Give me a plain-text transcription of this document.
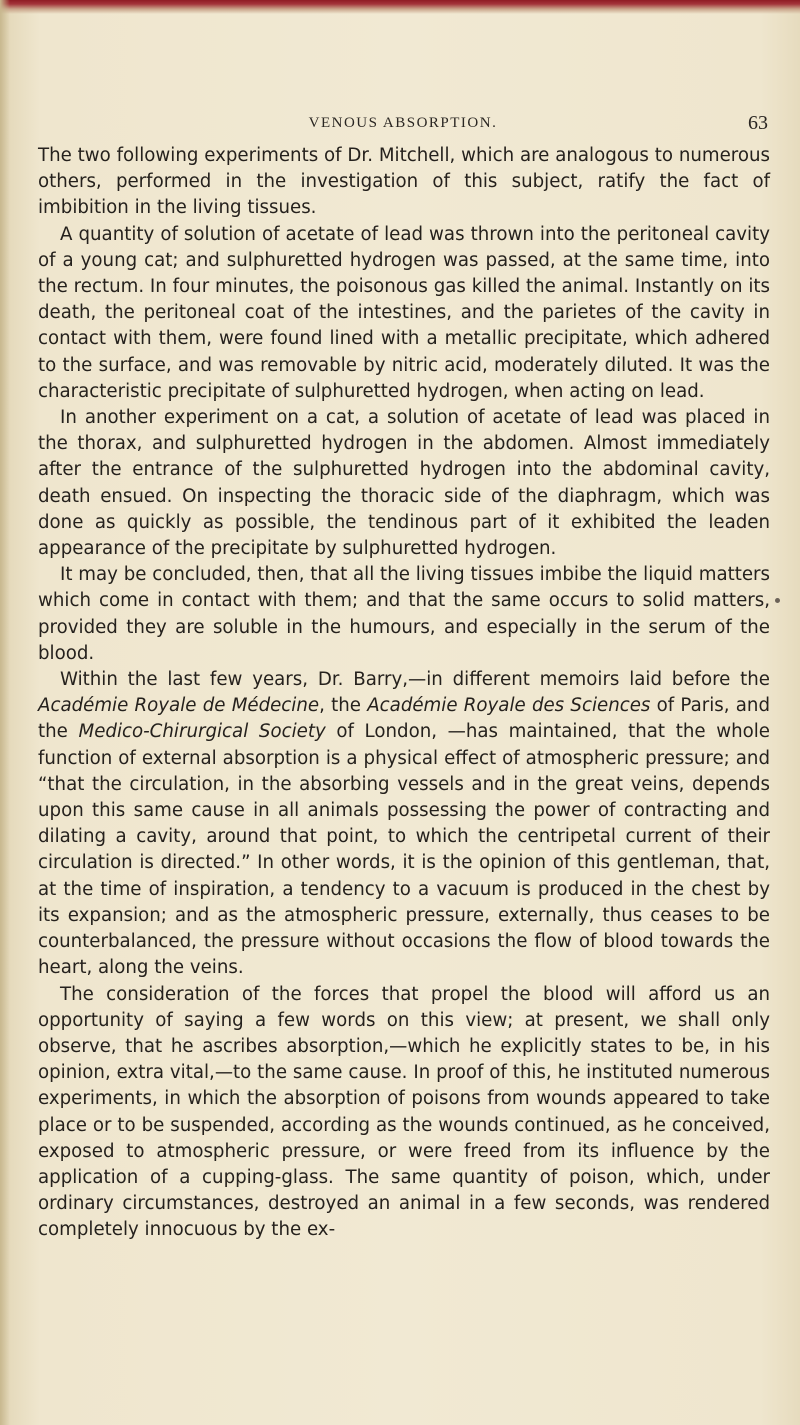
VENOUS ABSORPTION.	63

The two following experiments of Dr. Mitchell, which are analogous to numerous others, performed in the investigation of this subject, ratify the fact of imbibition in the living tissues.

A quantity of solution of acetate of lead was thrown into the peritoneal cavity of a young cat; and sulphuretted hydrogen was passed, at the same time, into the rectum. In four minutes, the poisonous gas killed the animal. Instantly on its death, the peritoneal coat of the intestines, and the parietes of the cavity in contact with them, were found lined with a metallic precipitate, which adhered to the surface, and was removable by nitric acid, moderately diluted. It was the characteristic precipitate of sulphuretted hydrogen, when acting on lead.

In another experiment on a cat, a solution of acetate of lead was placed in the thorax, and sulphuretted hydrogen in the abdomen. Almost immediately after the entrance of the sulphuretted hydrogen into the abdominal cavity, death ensued. On inspecting the thoracic side of the diaphragm, which was done as quickly as possible, the tendinous part of it exhibited the leaden appearance of the precipitate by sulphuretted hydrogen.

It may be concluded, then, that all the living tissues imbibe the liquid matters which come in contact with them; and that the same occurs to solid matters, provided they are soluble in the humours, and especially in the serum of the blood.

Within the last few years, Dr. Barry,—in different memoirs laid before the Académie Royale de Médecine, the Académie Royale des Sciences of Paris, and the Medico-Chirurgical Society of London, —has maintained, that the whole function of external absorption is a physical effect of atmospheric pressure; and “that the circulation, in the absorbing vessels and in the great veins, depends upon this same cause in all animals possessing the power of contracting and dilating a cavity, around that point, to which the centripetal current of their circulation is directed.” In other words, it is the opinion of this gentleman, that, at the time of inspiration, a tendency to a vacuum is produced in the chest by its expansion; and as the atmospheric pressure, externally, thus ceases to be counterbalanced, the pressure without occasions the flow of blood towards the heart, along the veins.

The consideration of the forces that propel the blood will afford us an opportunity of saying a few words on this view; at present, we shall only observe, that he ascribes absorption,—which he explicitly states to be, in his opinion, extra vital,—to the same cause. In proof of this, he instituted numerous experiments, in which the absorption of poisons from wounds appeared to take place or to be suspended, according as the wounds continued, as he conceived, exposed to atmospheric pressure, or were freed from its influence by the application of a cupping-glass. The same quantity of poison, which, under ordinary circumstances, destroyed an animal in a few seconds, was rendered completely innocuous by the ex-
